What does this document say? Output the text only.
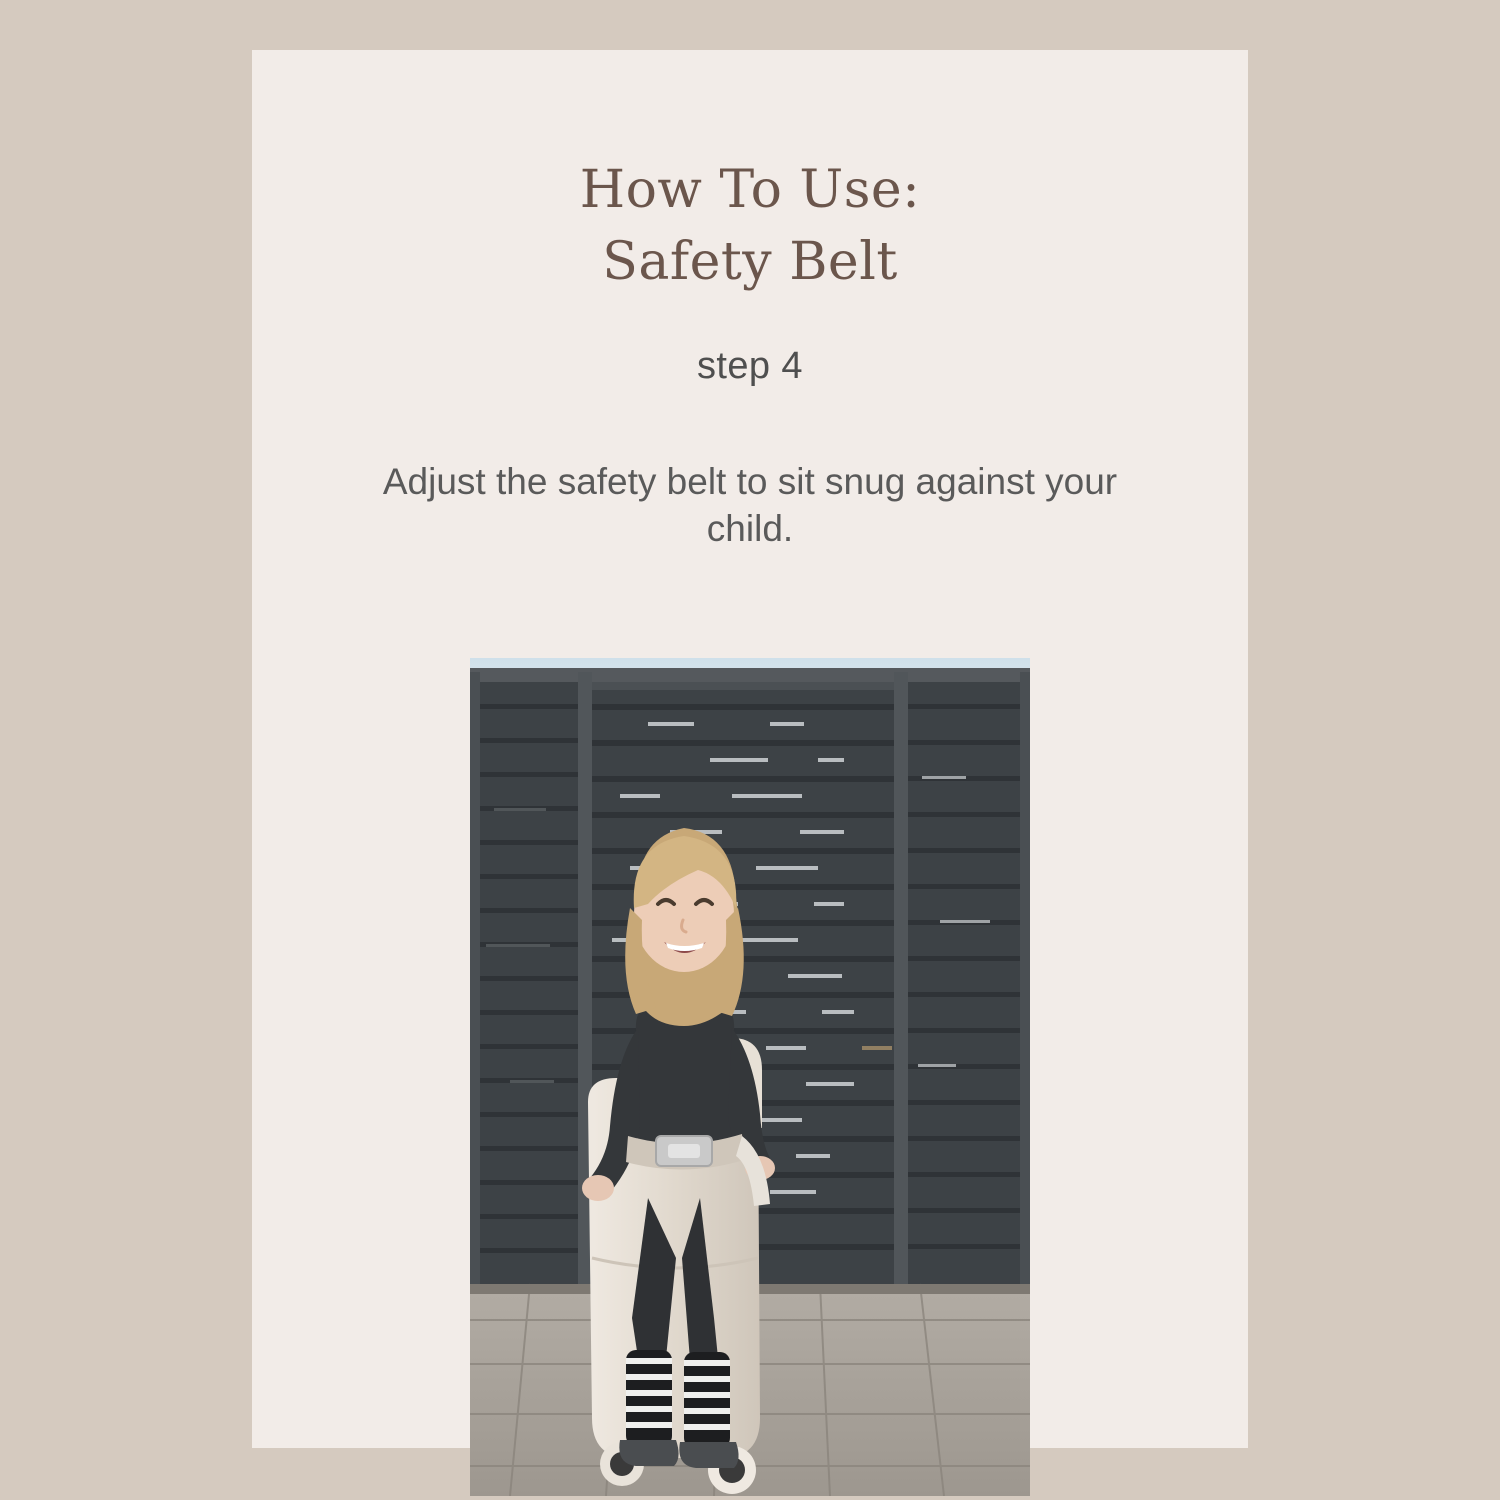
How To Use:
Safety Belt
step 4
Adjust the safety belt to sit snug against your child.
